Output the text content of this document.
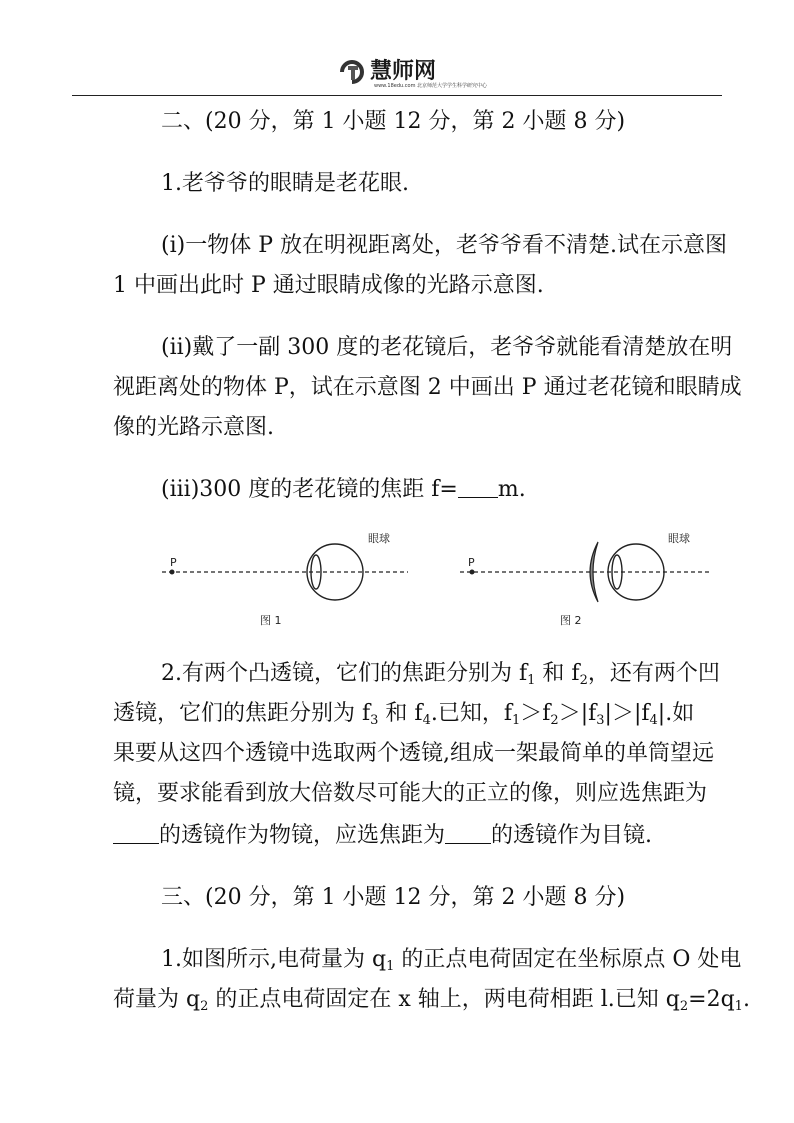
慧师网
www.18edu.com 北京师范大学学生科学研究中心
二、(20 分，第 1 小题 12 分，第 2 小题 8 分)
1.老爷爷的眼睛是老花眼.
(i)一物体 P 放在明视距离处，老爷爷看不清楚.试在示意图
1 中画出此时 P 通过眼睛成像的光路示意图.
(ii)戴了一副 300 度的老花镜后，老爷爷就能看清楚放在明
视距离处的物体 P，试在示意图 2 中画出 P 通过老花镜和眼睛成
像的光路示意图.
(iii)300 度的老花镜的焦距 f= m.
P
眼球
图 1
P
眼球
图 2
2.有两个凸透镜，它们的焦距分别为 $f_1$ 和 $f_2$，还有两个凹
透镜，它们的焦距分别为 $f_3$ 和 $f_4$.已知，$f_1>f_2>|f_3|>|f_4|$.如
果要从这四个透镜中选取两个透镜,组成一架最简单的单筒望远
镜，要求能看到放大倍数尽可能大的正立的像，则应选焦距为
的透镜作为物镜，应选焦距为 的透镜作为目镜.
三、(20 分，第 1 小题 12 分，第 2 小题 8 分)
1.如图所示,电荷量为 $q_1$ 的正点电荷固定在坐标原点 O 处电
荷量为 $q_2$ 的正点电荷固定在 x 轴上，两电荷相距 l.已知 $q_2=2q_1$.
